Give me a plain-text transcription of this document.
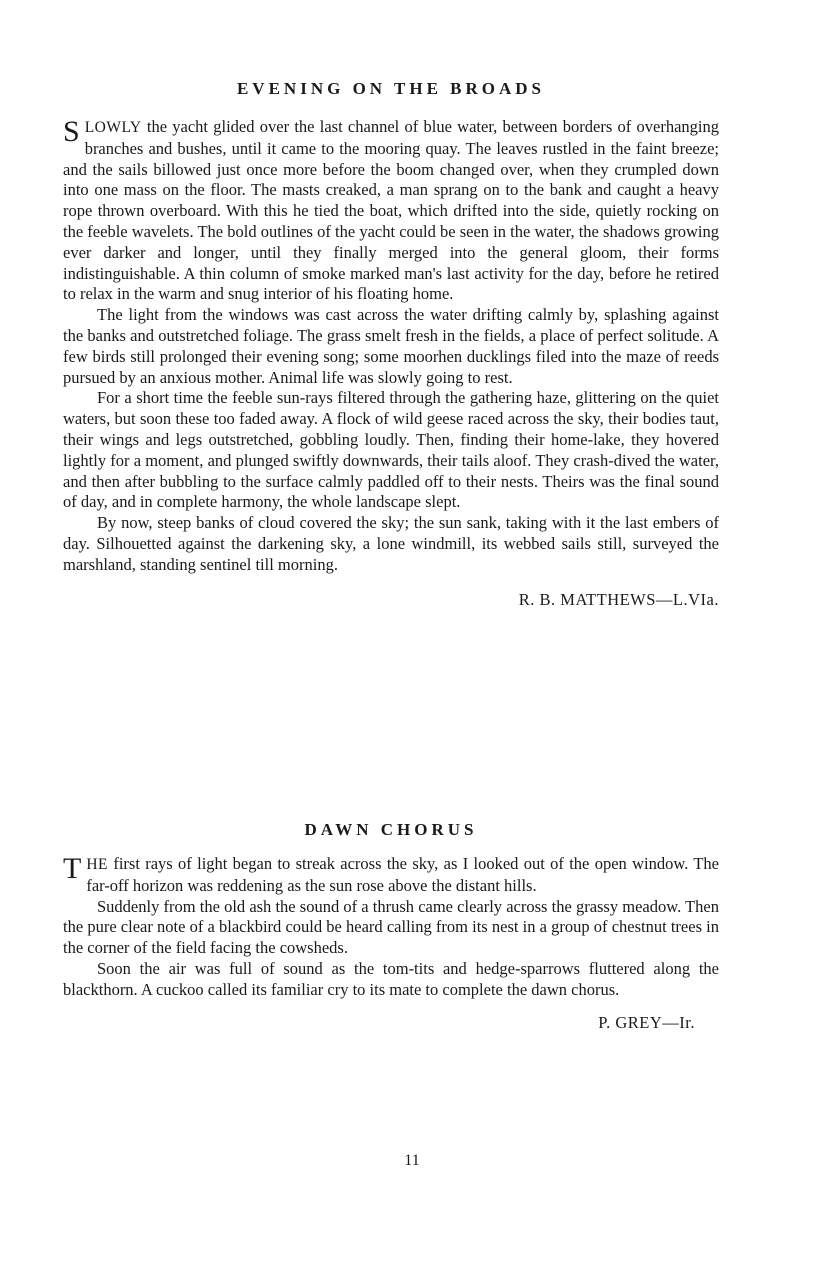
EVENING ON THE BROADS

SLOWLY the yacht glided over the last channel of blue water, between borders of overhanging branches and bushes, until it came to the mooring quay. The leaves rustled in the faint breeze; and the sails billowed just once more before the boom changed over, when they crumpled down into one mass on the floor. The masts creaked, a man sprang on to the bank and caught a heavy rope thrown overboard. With this he tied the boat, which drifted into the side, quietly rocking on the feeble wavelets. The bold outlines of the yacht could be seen in the water, the shadows growing ever darker and longer, until they finally merged into the general gloom, their forms indistinguishable. A thin column of smoke marked man's last activity for the day, before he retired to relax in the warm and snug interior of his floating home.

The light from the windows was cast across the water drifting calmly by, splashing against the banks and outstretched foliage. The grass smelt fresh in the fields, a place of perfect solitude. A few birds still prolonged their evening song; some moorhen ducklings filed into the maze of reeds pursued by an anxious mother. Animal life was slowly going to rest.

For a short time the feeble sun-rays filtered through the gathering haze, glittering on the quiet waters, but soon these too faded away. A flock of wild geese raced across the sky, their bodies taut, their wings and legs outstretched, gobbling loudly. Then, finding their home-lake, they hovered lightly for a moment, and plunged swiftly downwards, their tails aloof. They crash-dived the water, and then after bubbling to the surface calmly paddled off to their nests. Theirs was the final sound of day, and in complete harmony, the whole landscape slept.

By now, steep banks of cloud covered the sky; the sun sank, taking with it the last embers of day. Silhouetted against the darkening sky, a lone windmill, its webbed sails still, surveyed the marshland, standing sentinel till morning.

R. B. MATTHEWS—L.VIa.

DAWN CHORUS

THE first rays of light began to streak across the sky, as I looked out of the open window. The far-off horizon was reddening as the sun rose above the distant hills.

Suddenly from the old ash the sound of a thrush came clearly across the grassy meadow. Then the pure clear note of a blackbird could be heard calling from its nest in a group of chestnut trees in the corner of the field facing the cowsheds.

Soon the air was full of sound as the tom-tits and hedge-sparrows fluttered along the blackthorn. A cuckoo called its familiar cry to its mate to complete the dawn chorus.

P. GREY—Ir.

11
